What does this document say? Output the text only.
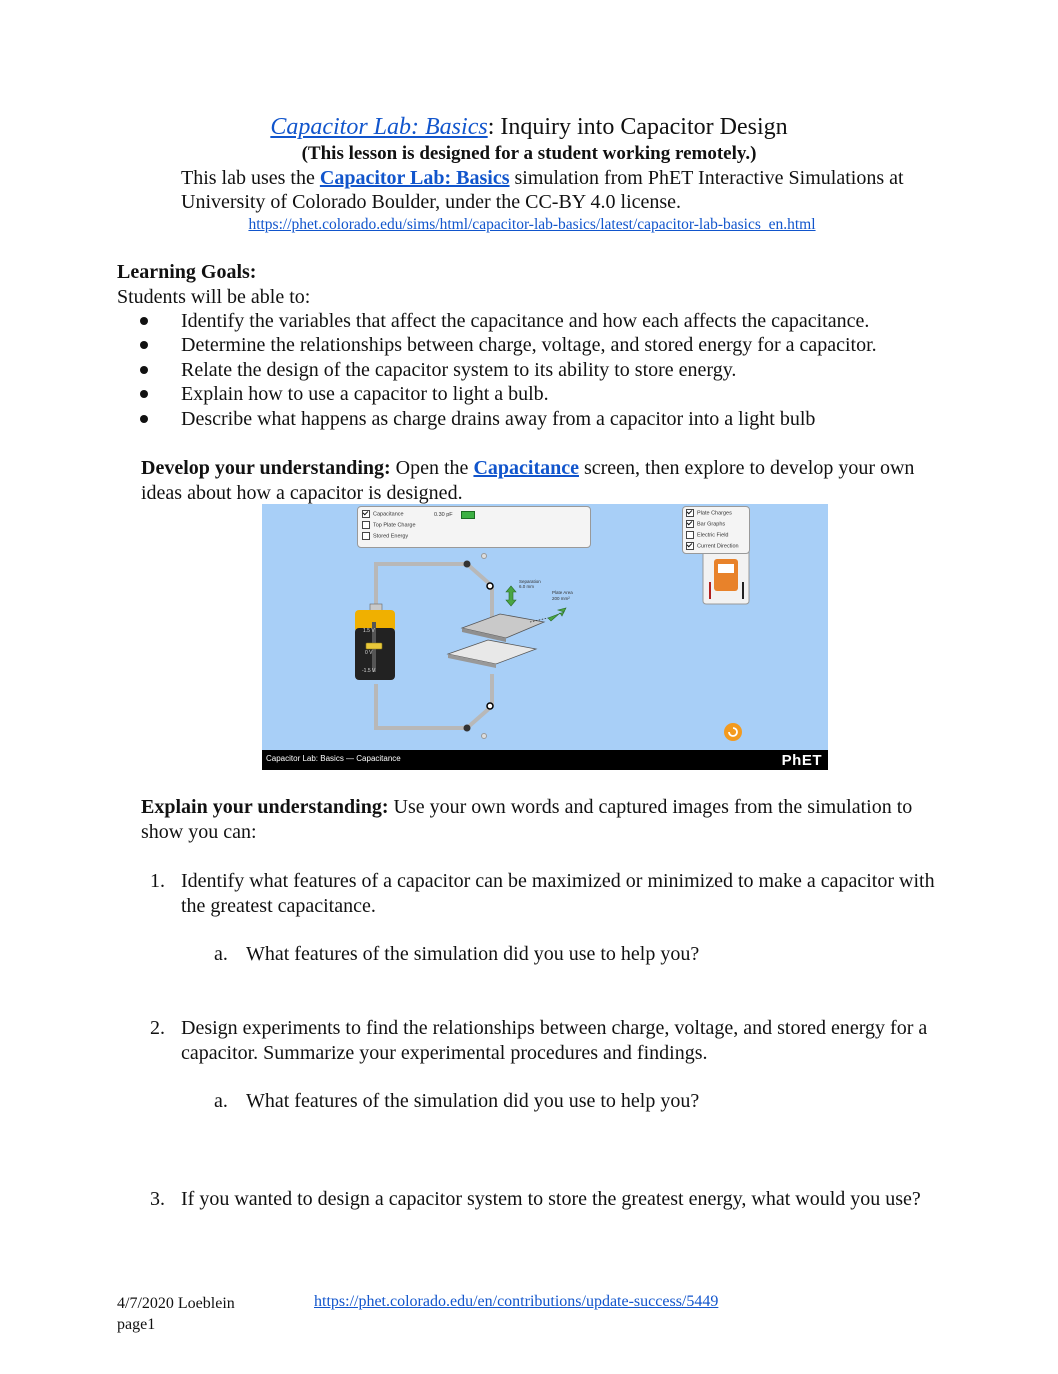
Capacitor Lab: Basics: Inquiry into Capacitor Design
(This lesson is designed for a student working remotely.)
This lab uses the Capacitor Lab: Basics simulation from PhET Interactive Simulations at University of Colorado Boulder, under the CC-BY 4.0 license.
https://phet.colorado.edu/sims/html/capacitor-lab-basics/latest/capacitor-lab-basics_en.html
Learning Goals:
Students will be able to:
Identify the variables that affect the capacitance and how each affects the capacitance.
Determine the relationships between charge, voltage, and stored energy for a capacitor.
Relate the design of the capacitor system to its ability to store energy.
Explain how to use a capacitor to light a bulb.
Describe what happens as charge drains away from a capacitor into a light bulb
Develop your understanding: Open the Capacitance screen, then explore to develop your own ideas about how a capacitor is designed.
1.5 V
0 V
-1.5 V
Separation
6.0 mm
Plate Area
200 mm²
Capacitance
Top Plate Charge
Stored Energy
0.30 pF	Plate Charges
Bar Graphs
Electric Field
Current Direction
Capacitor Lab: Basics — Capacitance	PhET
Explain your understanding: Use your own words and captured images from the simulation to show you can:
1. Identify what features of a capacitor can be maximized or minimized to make a capacitor with the greatest capacitance.
a. What features of the simulation did you use to help you?
2. Design experiments to find the relationships between charge, voltage, and stored energy for a capacitor. Summarize your experimental procedures and findings.
a. What features of the simulation did you use to help you?
3. If you wanted to design a capacitor system to store the greatest energy, what would you use?
4/7/2020 Loeblein
page1
https://phet.colorado.edu/en/contributions/update-success/5449
